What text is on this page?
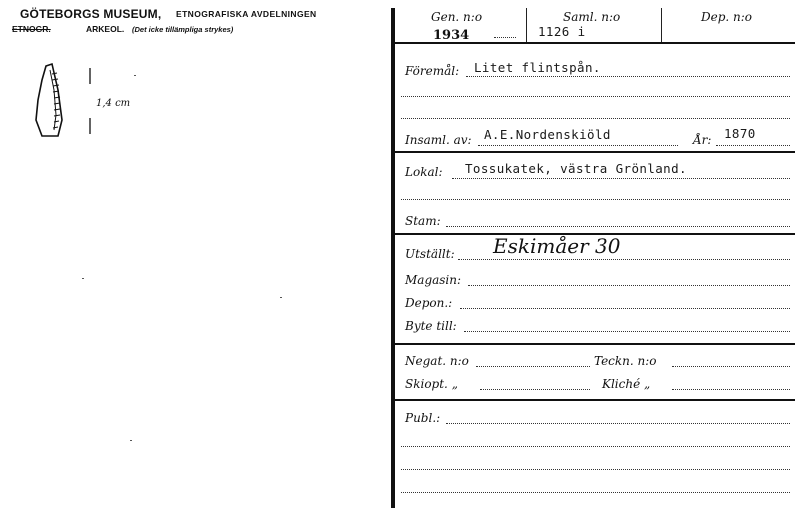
GÖTEBORGS MUSEUM, ETNOGRAFISKA AVDELNINGEN
ETNOGR.	ARKEOL. (Det icke tillämpliga strykes)
1,4 cm
Gen. n:o
1934
Saml. n:o
1126 i
Dep. n:o
Föremål: Litet flintspån.
Insaml. av: A.E.Nordenskiöld	År: 1870
Lokal: Tossukatek, västra Grönland.
Stam:
Utställt: Eskimåer 30
Magasin:
Depon.:
Byte till:
Negat. n:o	Teckn. n:o
Skiopt. „	Kliché „
Publ.:
